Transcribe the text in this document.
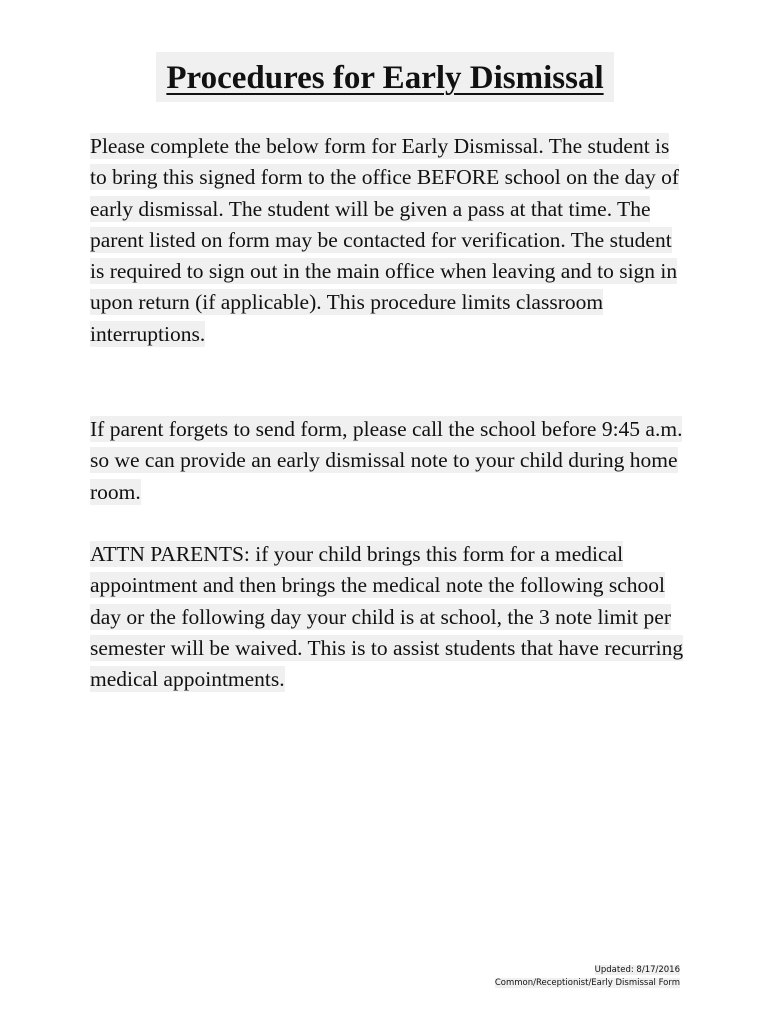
Procedures for Early Dismissal

Please complete the below form for Early Dismissal. The student is to bring this signed form to the office BEFORE school on the day of early dismissal. The student will be given a pass at that time. The parent listed on form may be contacted for verification. The student is required to sign out in the main office when leaving and to sign in upon return (if applicable). This procedure limits classroom interruptions.

If parent forgets to send form, please call the school before 9:45 a.m. so we can provide an early dismissal note to your child during home room.

ATTN PARENTS: if your child brings this form for a medical appointment and then brings the medical note the following school day or the following day your child is at school, the 3 note limit per semester will be waived. This is to assist students that have recurring medical appointments.

Updated: 8/17/2016
Common/Receptionist/Early Dismissal Form
